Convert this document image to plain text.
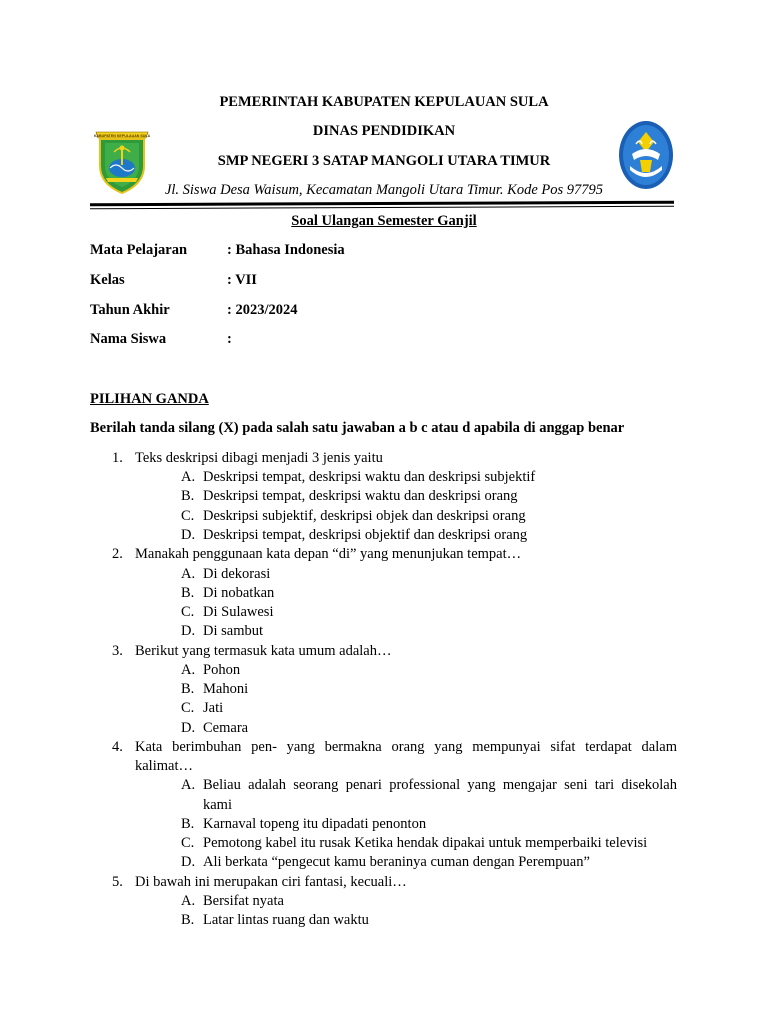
KABUPATEN KEPULAUAN SULA
PEMERINTAH KABUPATEN KEPULAUAN SULA
DINAS PENDIDIKAN
SMP NEGERI 3 SATAP MANGOLI UTARA TIMUR
Jl. Siswa Desa Waisum, Kecamatan Mangoli Utara Timur. Kode Pos 97795
Soal Ulangan Semester Ganjil
Mata Pelajaran	: Bahasa Indonesia
Kelas	: VII
Tahun Akhir	: 2023/2024
Nama Siswa	:
PILIHAN GANDA
Berilah tanda silang (X) pada salah satu jawaban a b c atau d apabila di anggap benar
1. Teks deskripsi dibagi menjadi 3 jenis yaitu
A. Deskripsi tempat, deskripsi waktu dan deskripsi subjektif
B. Deskripsi tempat, deskripsi waktu dan deskripsi orang
C. Deskripsi subjektif, deskripsi objek dan deskripsi orang
D. Deskripsi tempat, deskripsi objektif dan deskripsi orang
2. Manakah penggunaan kata depan “di” yang menunjukan tempat…
A. Di dekorasi
B. Di nobatkan
C. Di Sulawesi
D. Di sambut
3. Berikut yang termasuk kata umum adalah…
A. Pohon
B. Mahoni
C. Jati
D. Cemara
4. Kata berimbuhan pen- yang bermakna orang yang mempunyai sifat terdapat dalam
kalimat…
A. Beliau adalah seorang penari professional yang mengajar seni tari disekolah
kami
B. Karnaval topeng itu dipadati penonton
C. Pemotong kabel itu rusak Ketika hendak dipakai untuk memperbaiki televisi
D. Ali berkata “pengecut kamu beraninya cuman dengan Perempuan”
5. Di bawah ini merupakan ciri fantasi, kecuali…
A. Bersifat nyata
B. Latar lintas ruang dan waktu
